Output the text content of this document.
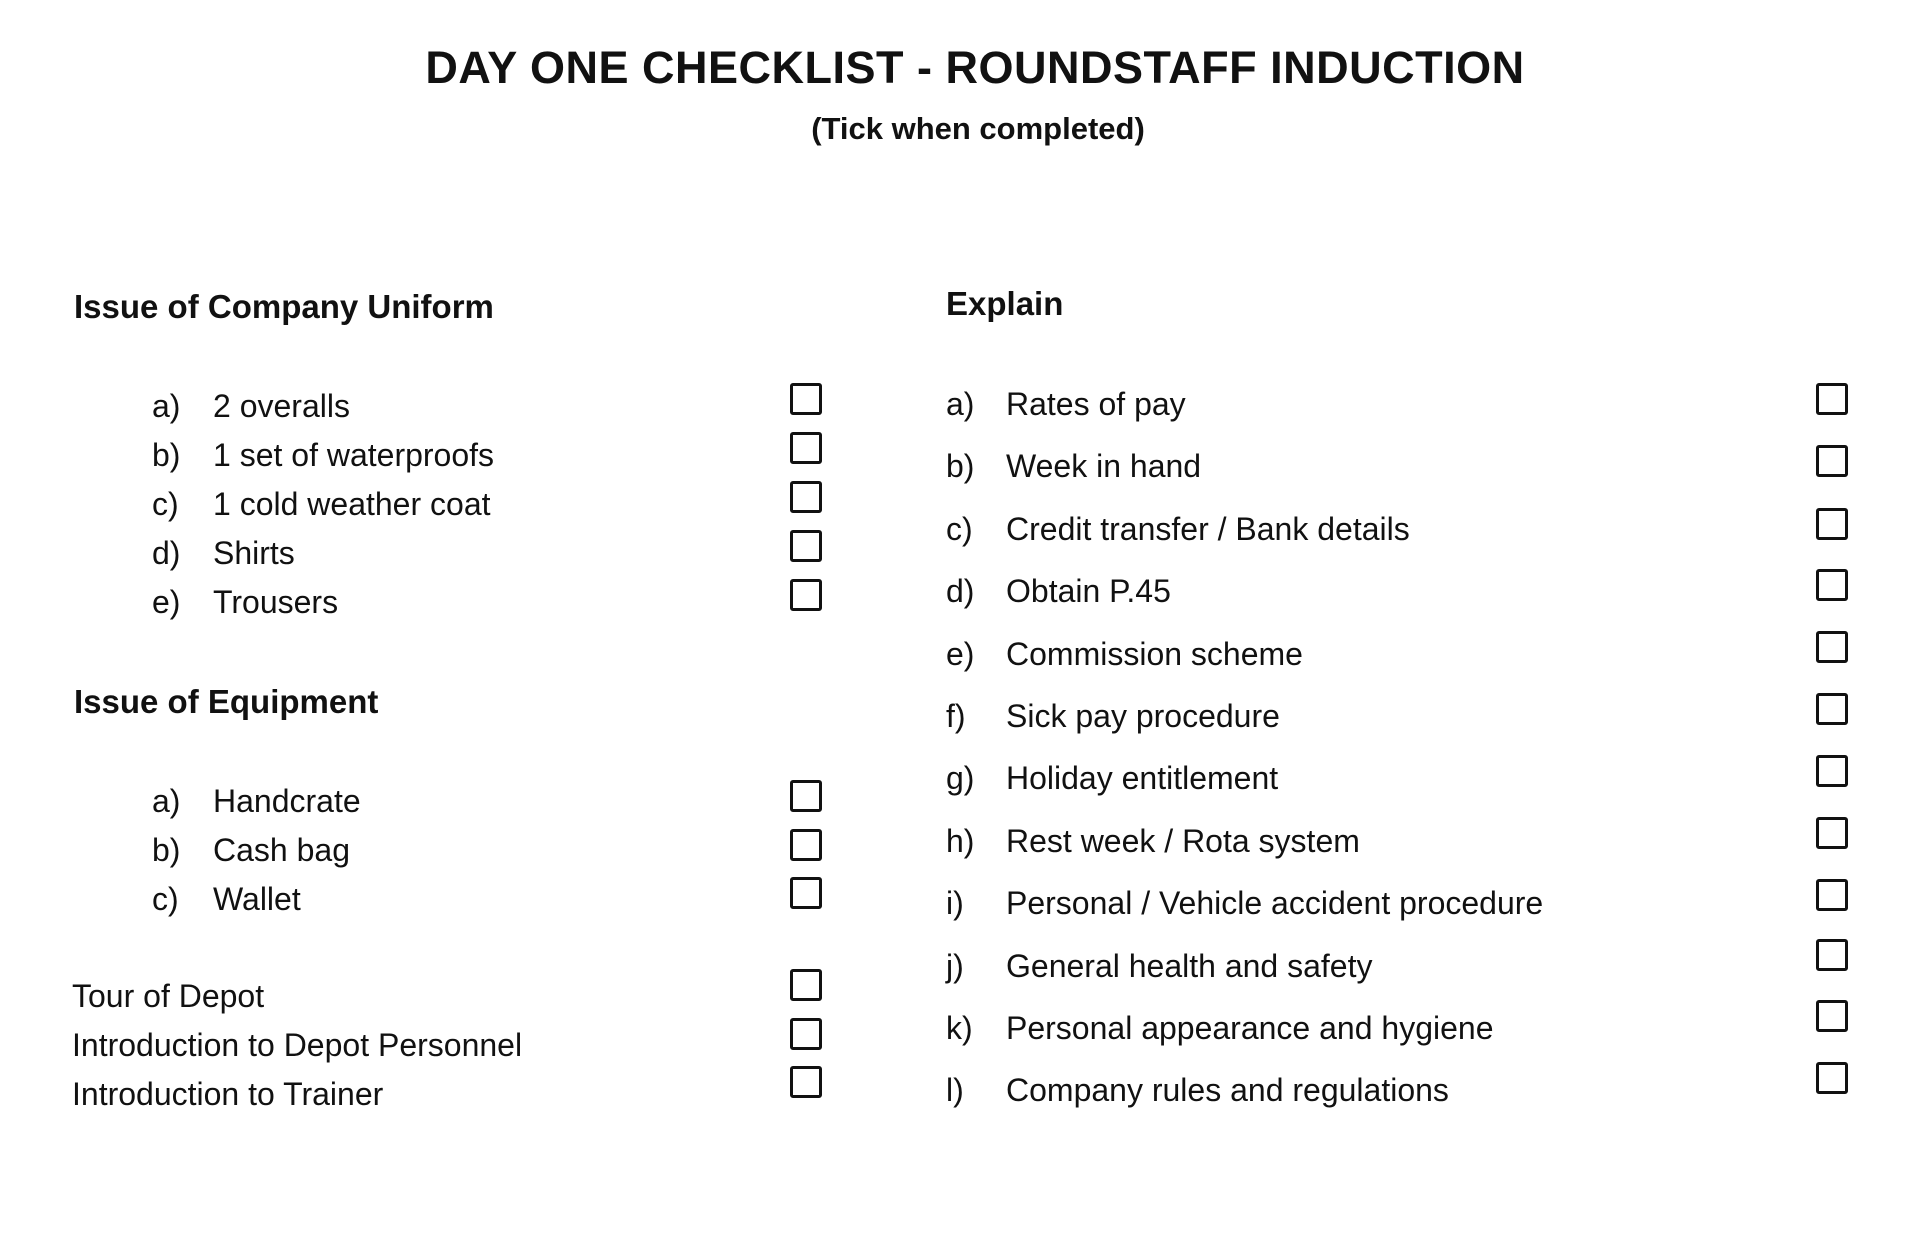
DAY ONE CHECKLIST - ROUNDSTAFF INDUCTION
(Tick when completed)
Issue of Company Uniform
a) 2 overalls
b) 1 set of waterproofs
c) 1 cold weather coat
d) Shirts
e) Trousers
Issue of Equipment
a) Handcrate
b) Cash bag
c) Wallet
Tour of Depot
Introduction to Depot Personnel
Introduction to Trainer
Explain
a) Rates of pay
b) Week in hand
c) Credit transfer / Bank details
d) Obtain P.45
e) Commission scheme
f) Sick pay procedure
g) Holiday entitlement
h) Rest week / Rota system
i) Personal / Vehicle accident procedure
j) General health and safety
k) Personal appearance and hygiene
l) Company rules and regulations
